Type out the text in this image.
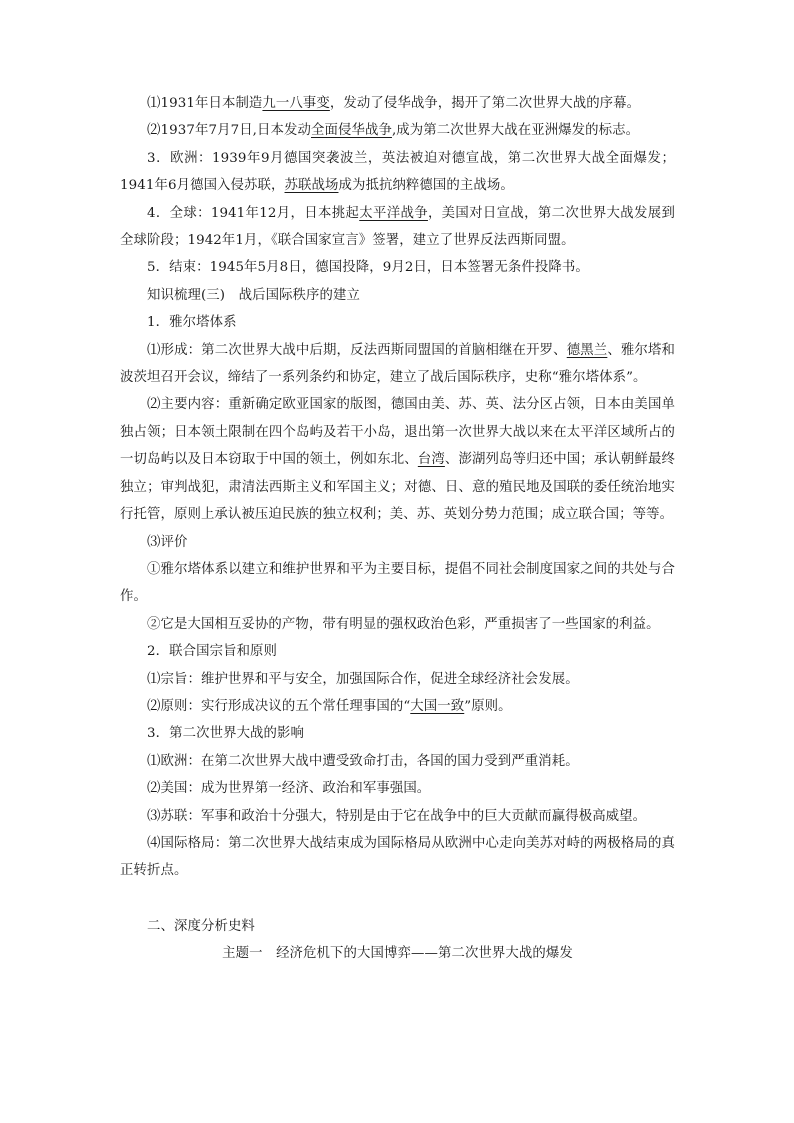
⑴1931年日本制造九一八事变，发动了侵华战争，揭开了第二次世界大战的序幕。

⑵1937年7月7日,日本发动全面侵华战争,成为第二次世界大战在亚洲爆发的标志。

3．欧洲：1939年9月德国突袭波兰，英法被迫对德宣战，第二次世界大战全面爆发；1941年6月德国入侵苏联，苏联战场成为抵抗纳粹德国的主战场。

4．全球：1941年12月，日本挑起太平洋战争，美国对日宣战，第二次世界大战发展到全球阶段；1942年1月，《联合国家宣言》签署，建立了世界反法西斯同盟。

5．结束：1945年5月8日，德国投降，9月2日，日本签署无条件投降书。

知识梳理(三)　战后国际秩序的建立

1．雅尔塔体系

⑴形成：第二次世界大战中后期，反法西斯同盟国的首脑相继在开罗、德黑兰、雅尔塔和波茨坦召开会议，缔结了一系列条约和协定，建立了战后国际秩序，史称“雅尔塔体系”。

⑵主要内容：重新确定欧亚国家的版图，德国由美、苏、英、法分区占领，日本由美国单独占领；日本领土限制在四个岛屿及若干小岛，退出第一次世界大战以来在太平洋区域所占的一切岛屿以及日本窃取于中国的领土，例如东北、台湾、澎湖列岛等归还中国；承认朝鲜最终独立；审判战犯，肃清法西斯主义和军国主义；对德、日、意的殖民地及国联的委任统治地实行托管，原则上承认被压迫民族的独立权利；美、苏、英划分势力范围；成立联合国；等等。

⑶评价

①雅尔塔体系以建立和维护世界和平为主要目标，提倡不同社会制度国家之间的共处与合作。

②它是大国相互妥协的产物，带有明显的强权政治色彩，严重损害了一些国家的利益。

2．联合国宗旨和原则

⑴宗旨：维护世界和平与安全，加强国际合作，促进全球经济社会发展。

⑵原则：实行形成决议的五个常任理事国的“大国一致”原则。

3．第二次世界大战的影响

⑴欧洲：在第二次世界大战中遭受致命打击，各国的国力受到严重消耗。

⑵美国：成为世界第一经济、政治和军事强国。

⑶苏联：军事和政治十分强大，特别是由于它在战争中的巨大贡献而赢得极高威望。

⑷国际格局：第二次世界大战结束成为国际格局从欧洲中心走向美苏对峙的两极格局的真正转折点。

二、深度分析史料

主题一　经济危机下的大国博弈——第二次世界大战的爆发
